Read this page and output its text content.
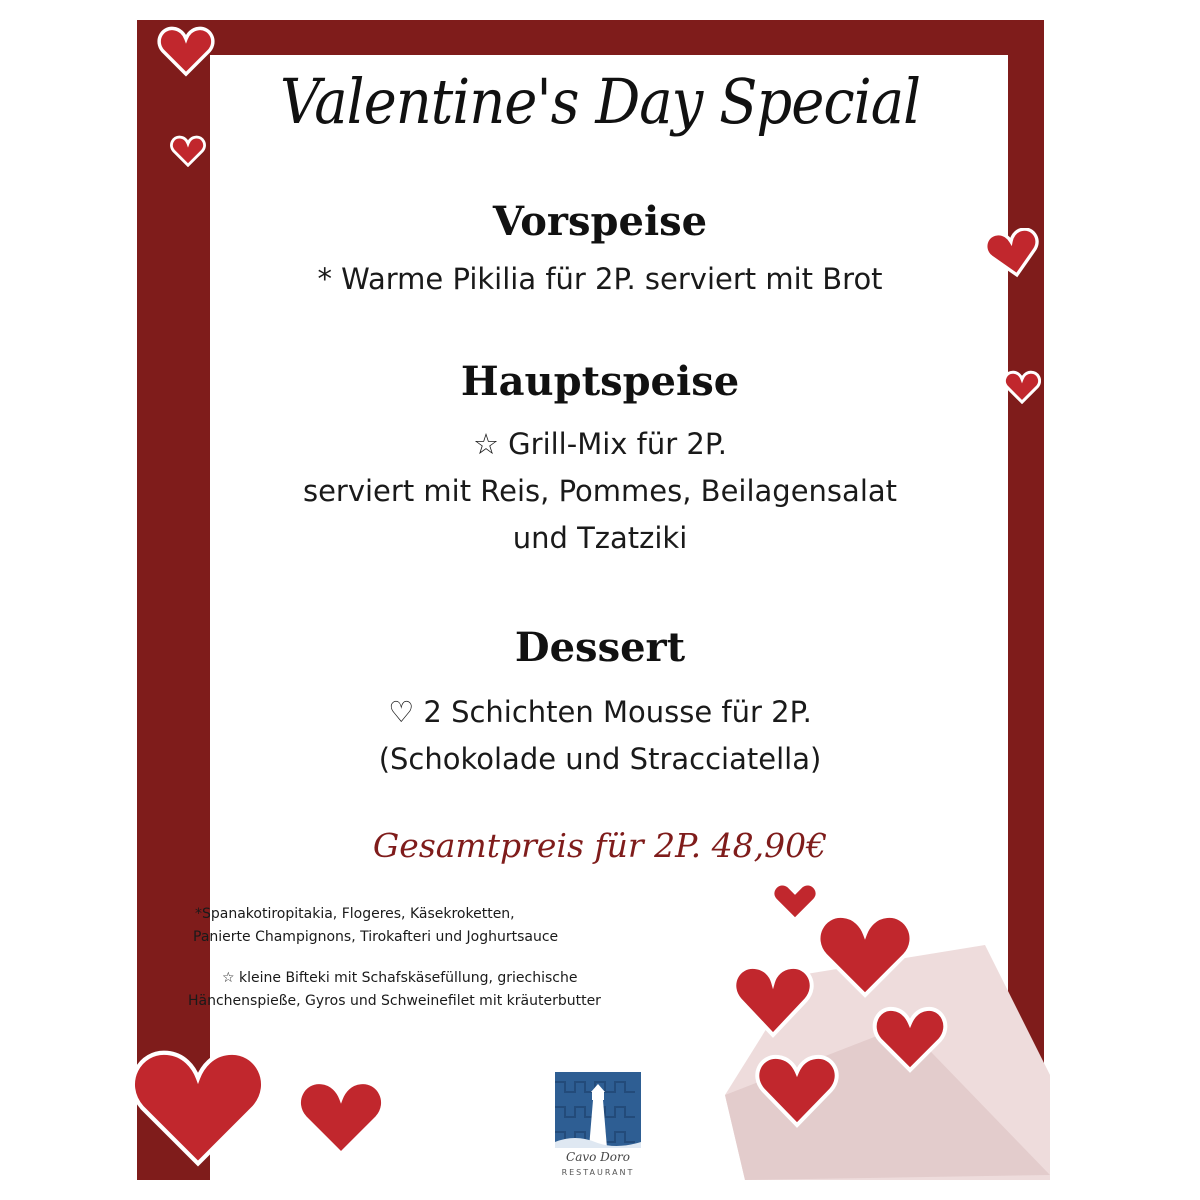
Valentine's Day Special
Vorspeise
* Warme Pikilia für 2P. serviert mit Brot
Hauptspeise
☆ Grill-Mix für 2P.
serviert mit Reis, Pommes, Beilagensalat
und Tzatziki
Dessert
♡ 2 Schichten Mousse für 2P.
(Schokolade und Stracciatella)
Gesamtpreis für 2P. 48,90€
*Spanakotiropitakia, Flogeres, Käsekroketten,
Panierte Champignons, Tirokafteri und Joghurtsauce
☆ kleine Bifteki mit Schafskäsefüllung, griechische
Hänchenspieße, Gyros und Schweinefilet mit kräuterbutter
Cavo Doro
RESTAURANT
